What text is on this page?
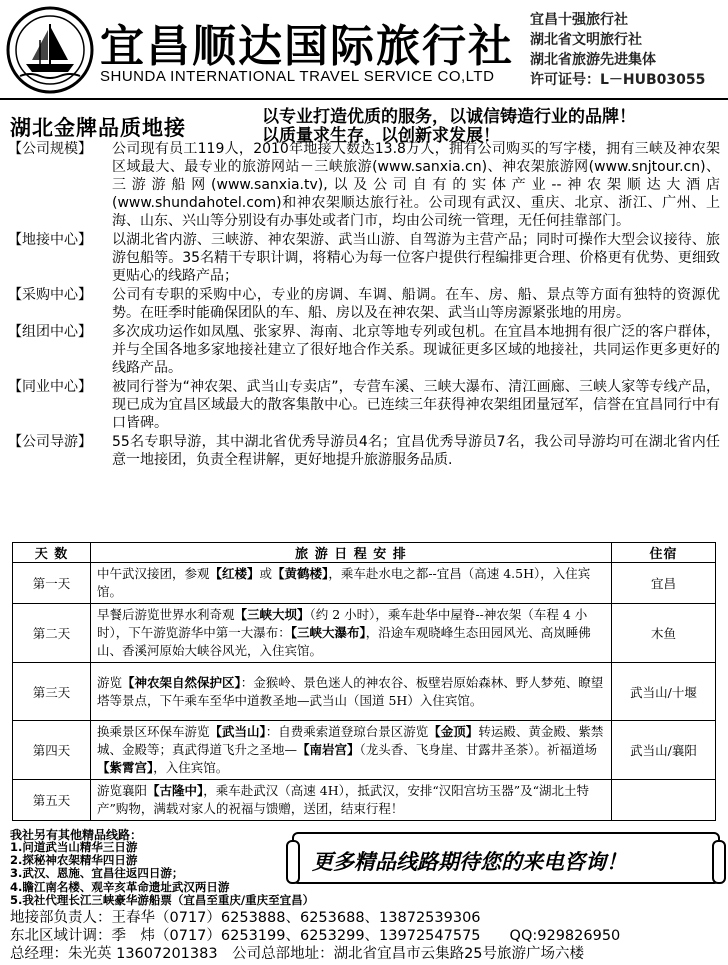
宜昌顺达国际旅行社
SHUNDA INTERNATIONAL TRAVEL SERVICE CO,LTD
宜昌十强旅行社
湖北省文明旅行社
湖北省旅游先进集体
许可证号：L－HUB03055
湖北金牌品质地接	以专业打造优质的服务，以诚信铸造行业的品牌！
以质量求生存，以创新求发展！
【公司规模】	公司现有员工119人，2010年地接人数达13.8万人，拥有公司购买的写字楼，拥有三峡及神农架区域最大、最专业的旅游网站－三峡旅游(www.sanxia.cn)、神农架旅游网(www.snjtour.cn)、三游游船网(www.sanxia.tv),以及公司自有的实体产业--神农架顺达大酒店(www.shundahotel.com)和神农架顺达旅行社。公司现有武汉、重庆、北京、浙江、广州、上海、山东、兴山等分别设有办事处或者门市，均由公司统一管理，无任何挂靠部门。
【地接中心】	以湖北省内游、三峡游、神农架游、武当山游、自驾游为主营产品；同时可操作大型会议接待、旅游包船等。35名精干专职计调，将精心为每一位客户提供行程编排更合理、价格更有优势、更细致更贴心的线路产品；
【采购中心】	公司有专职的采购中心，专业的房调、车调、船调。在车、房、船、景点等方面有独特的资源优势。在旺季时能确保团队的车、船、房以及在神农架、武当山等房源紧张地的用房。
【组团中心】	多次成功运作如凤凰、张家界、海南、北京等地专列或包机。在宜昌本地拥有很广泛的客户群体，并与全国各地多家地接社建立了很好地合作关系。现诚征更多区域的地接社，共同运作更多更好的线路产品。
【同业中心】	被同行誉为“神农架、武当山专卖店”，专营车溪、三峡大瀑布、清江画廊、三峡人家等专线产品，现已成为宜昌区域最大的散客集散中心。已连续三年获得神农架组团量冠军，信誉在宜昌同行中有口皆碑。
【公司导游】	55名专职导游，其中湖北省优秀导游员4名；宜昌优秀导游员7名，我公司导游均可在湖北省内任意一地接团，负责全程讲解，更好地提升旅游服务品质.
天 数	旅 游 日 程 安 排	住宿
第一天	中午武汉接团，参观【红楼】或【黄鹤楼】，乘车赴水电之都--宜昌（高速 4.5H），入住宾馆。	宜昌
第二天	早餐后游览世界水利奇观【三峡大坝】（约 2 小时），乘车赴华中屋脊--神农架（车程 4 小时），下午游览游华中第一大瀑布：【三峡大瀑布】，沿途车观晓峰生态田园风光、高岚睡佛山、香溪河原始大峡谷风光，入住宾馆。	木鱼
第三天	游览【神农架自然保护区】：金猴岭、景色迷人的神农谷、板壁岩原始森林、野人梦苑、瞭望塔等景点，下午乘车至华中道教圣地—武当山（国道 5H）入住宾馆。	武当山/十堰
第四天	换乘景区环保车游览【武当山】：自费乘索道登琼台景区游览【金顶】转运殿、黄金殿、紫禁城、金殿等；真武得道飞升之圣地—【南岩宫】（龙头香、飞身崖、甘露井圣茶）。祈福道场【紫霄宫】，入住宾馆。	武当山/襄阳
第五天	游览襄阳【古隆中】，乘车赴武汉（高速 4H），抵武汉，安排“汉阳宫坊玉器”及“湖北土特产”购物，满载对家人的祝福与馈赠，送团，结束行程！	
我社另有其他精品线路：
1.问道武当山精华三日游
2.探秘神农架精华四日游
3.武汉、恩施、宜昌往返四日游；
4.瞻江南名楼、观辛亥革命遗址武汉两日游
5.我社代理长江三峡豪华游船票（宜昌至重庆/重庆至宜昌）
更多精品线路期待您的来电咨询！
地接部负责人：王春华（0717）6253888、6253688、13872539306
东北区域计调：季　炜（0717）6253199、6253299、13972547575　　QQ:929826950
总经理：朱光英 13607201383　公司总部地址：湖北省宜昌市云集路25号旅游广场六楼
